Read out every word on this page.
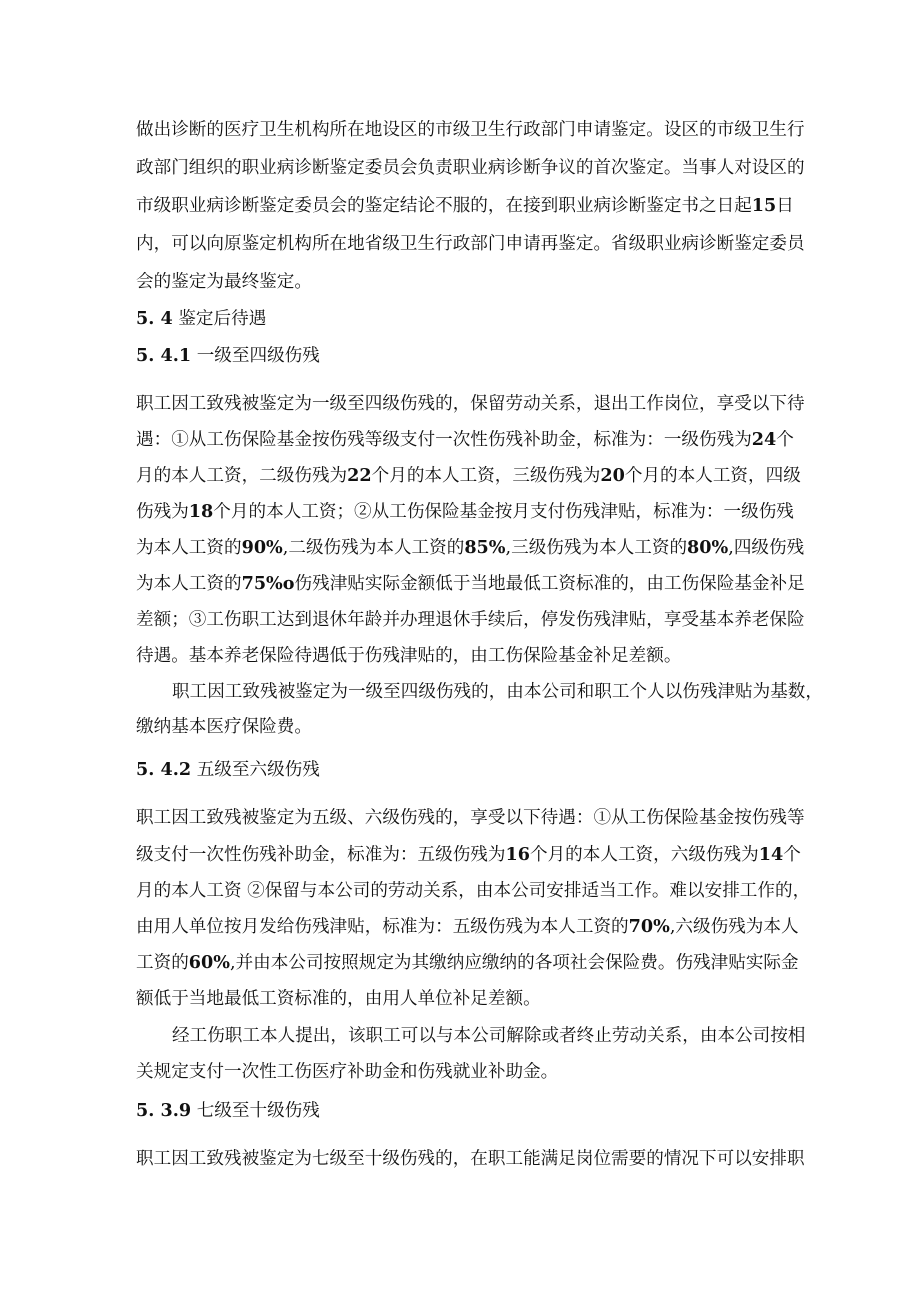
做出诊断的医疗卫生机构所在地设区的市级卫生行政部门申请鉴定。设区的市级卫生行
政部门组织的职业病诊断鉴定委员会负责职业病诊断争议的首次鉴定。当事人对设区的
市级职业病诊断鉴定委员会的鉴定结论不服的，在接到职业病诊断鉴定书之日起15日
内，可以向原鉴定机构所在地省级卫生行政部门申请再鉴定。省级职业病诊断鉴定委员
会的鉴定为最终鉴定。
5. 4 鉴定后待遇
5. 4.1 一级至四级伤残
职工因工致残被鉴定为一级至四级伤残的，保留劳动关系，退出工作岗位，享受以下待
遇：①从工伤保险基金按伤残等级支付一次性伤残补助金，标准为：一级伤残为24个
月的本人工资，二级伤残为22个月的本人工资，三级伤残为20个月的本人工资，四级
伤残为18个月的本人工资；②从工伤保险基金按月支付伤残津贴，标准为：一级伤残
为本人工资的90%,二级伤残为本人工资的85%,三级伤残为本人工资的80%,四级伤残
为本人工资的75%o伤残津贴实际金额低于当地最低工资标准的，由工伤保险基金补足
差额；③工伤职工达到退休年龄并办理退休手续后，停发伤残津贴，享受基本养老保险
待遇。基本养老保险待遇低于伤残津贴的，由工伤保险基金补足差额。
职工因工致残被鉴定为一级至四级伤残的，由本公司和职工个人以伤残津贴为基数，
缴纳基本医疗保险费。
5. 4.2 五级至六级伤残
职工因工致残被鉴定为五级、六级伤残的，享受以下待遇：①从工伤保险基金按伤残等
级支付一次性伤残补助金，标准为：五级伤残为16个月的本人工资，六级伤残为14个
月的本人工资 ②保留与本公司的劳动关系，由本公司安排适当工作。难以安排工作的，
由用人单位按月发给伤残津贴，标准为：五级伤残为本人工资的70%,六级伤残为本人
工资的60%,并由本公司按照规定为其缴纳应缴纳的各项社会保险费。伤残津贴实际金
额低于当地最低工资标准的，由用人单位补足差额。
经工伤职工本人提出，该职工可以与本公司解除或者终止劳动关系，由本公司按相
关规定支付一次性工伤医疗补助金和伤残就业补助金。
5. 3.9 七级至十级伤残
职工因工致残被鉴定为七级至十级伤残的，在职工能满足岗位需要的情况下可以安排职
